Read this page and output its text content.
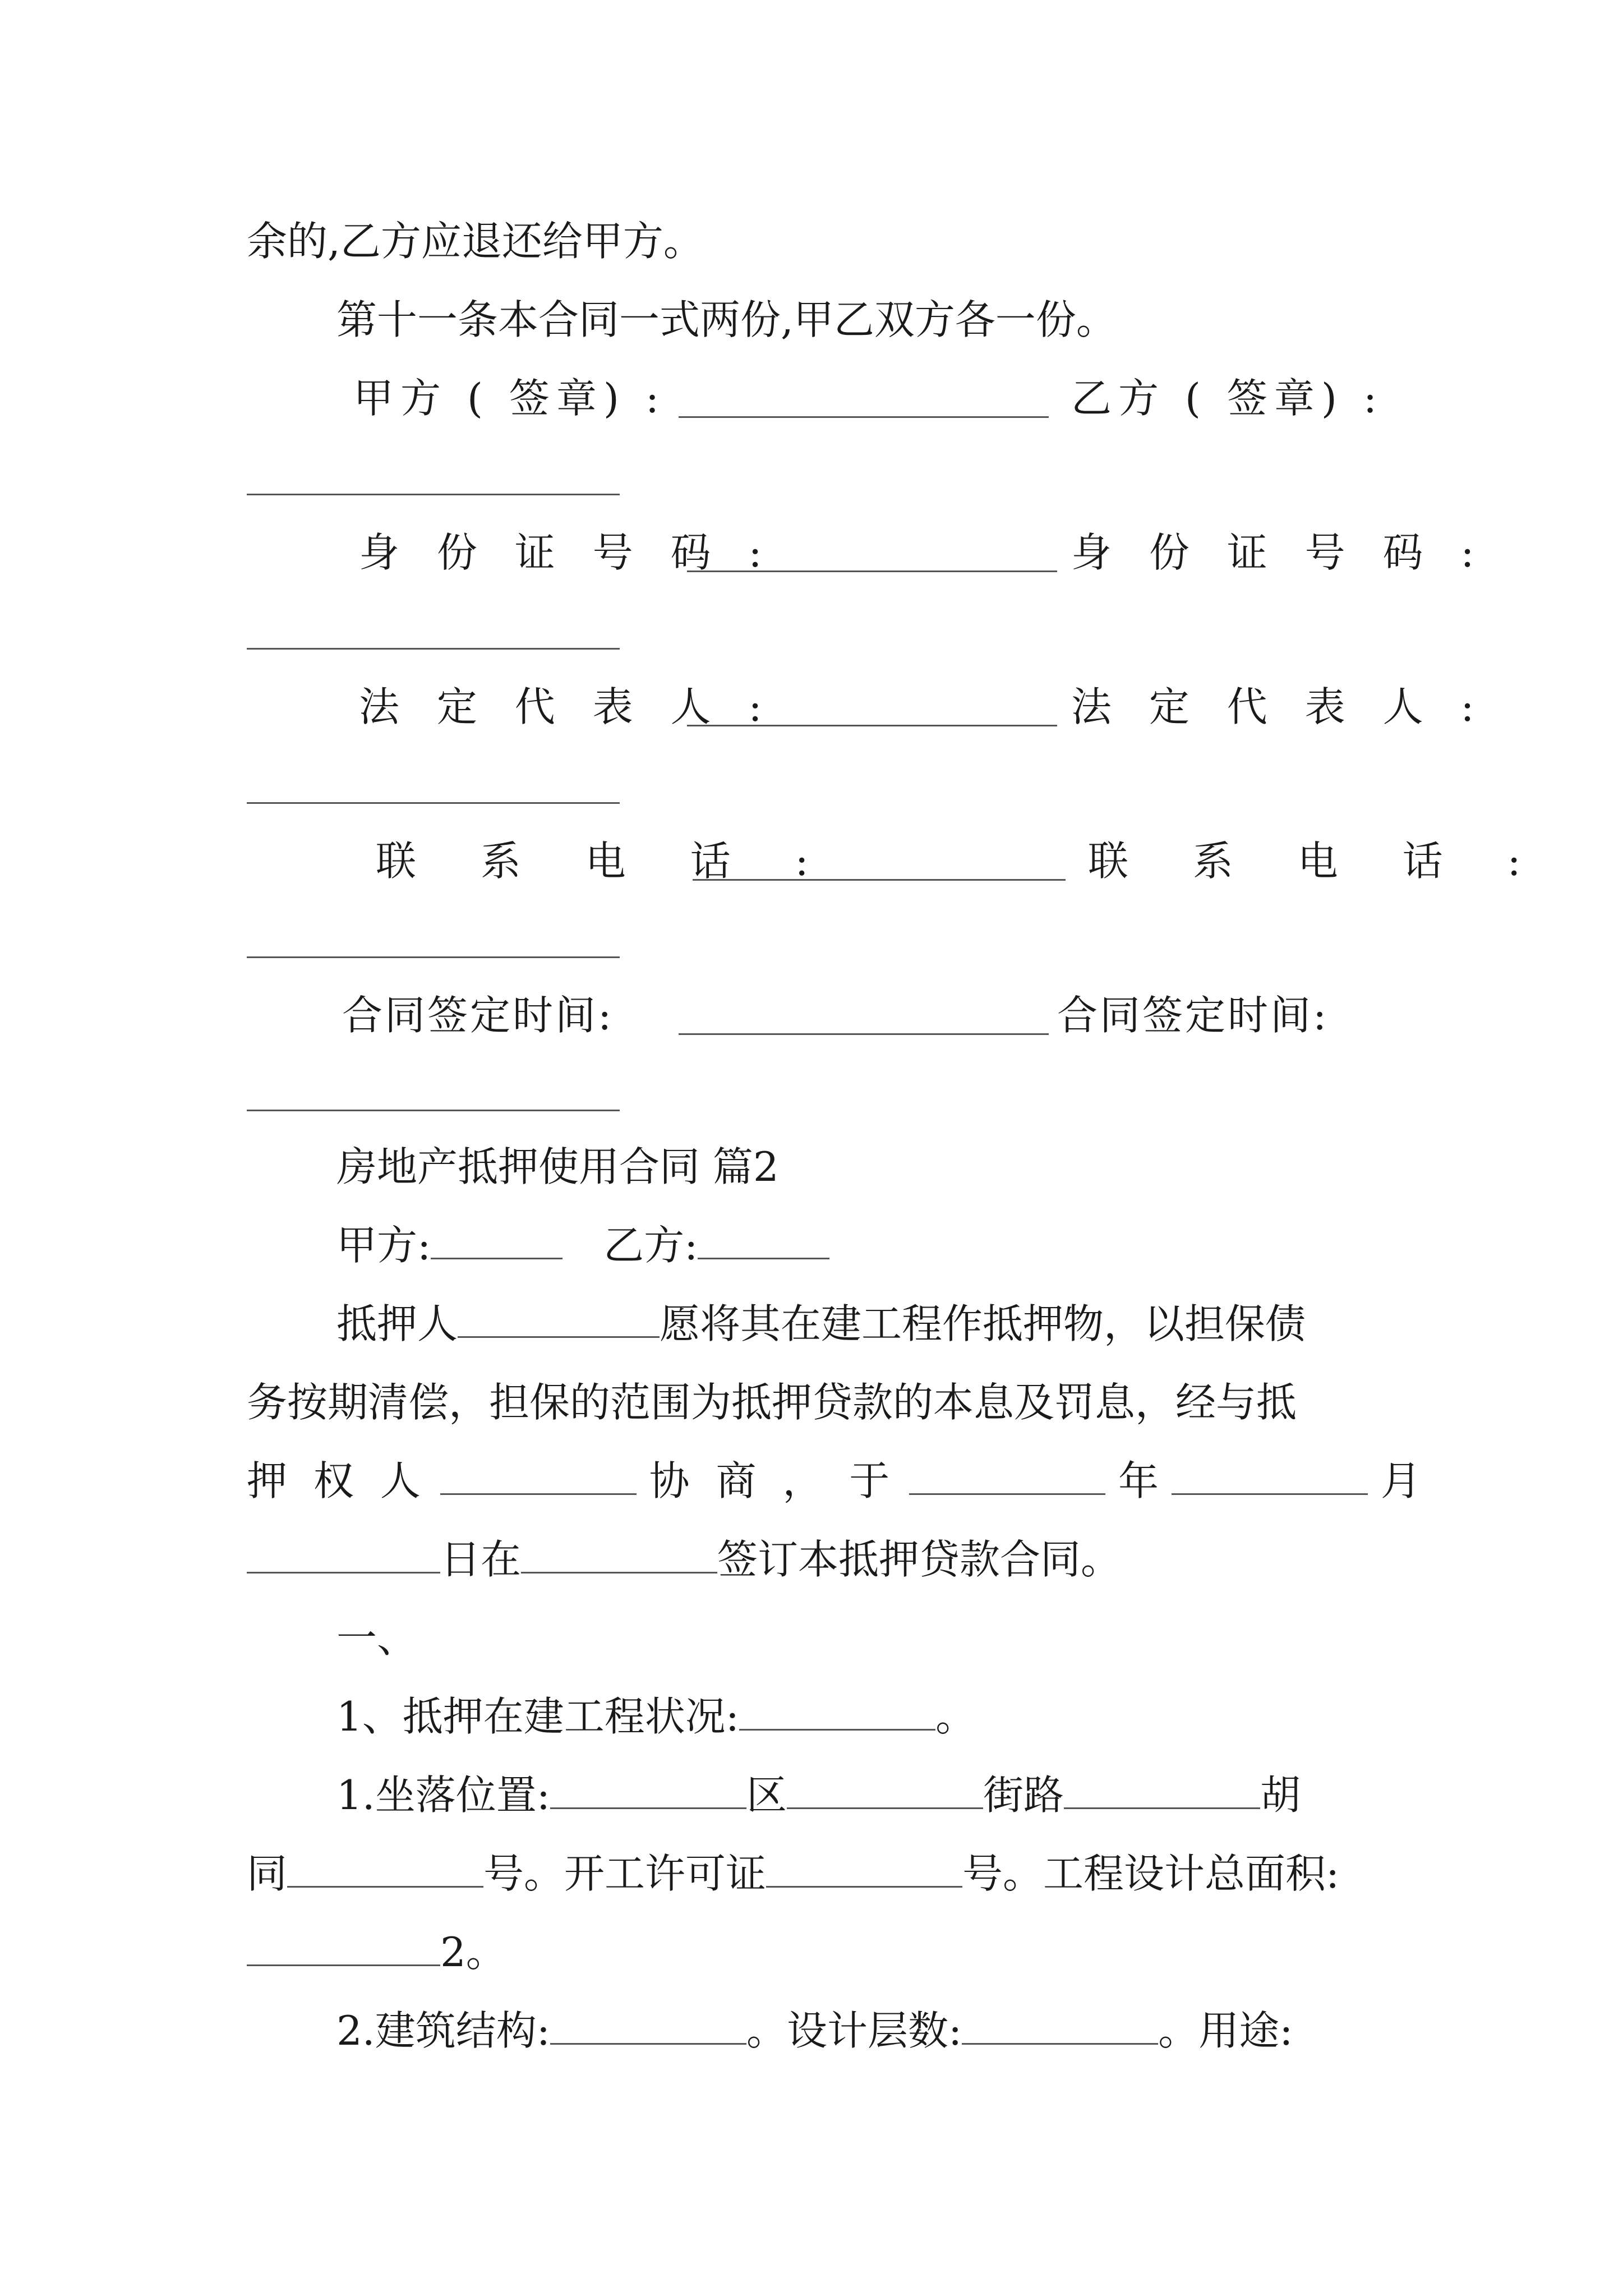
余的,乙方应退还给甲方。

第十一条本合同一式两份,甲乙双方各一份。

甲方 ( 签章) :	乙方 ( 签章) :

身 份 证 号 码 :	身 份 证 号 码 :

法 定 代 表 人 :	法 定 代 表 人 :

联 系 电 话 :	联 系 电 话 :

合同签定时间:	合同签定时间:

房地产抵押使用合同 篇2

甲方:	乙方:

抵押人	愿将其在建工程作抵押物，以担保债

务按期清偿，担保的范围为抵押贷款的本息及罚息，经与抵

押 权 人	协 商 ， 于	年	月

日在	签订本抵押贷款合同。

一、

1、抵押在建工程状况:	。

1.坐落位置:	区	街路	胡

同	号。开工许可证	号。工程设计总面积:

2。

2.建筑结构:	。设计层数:	。用途:
